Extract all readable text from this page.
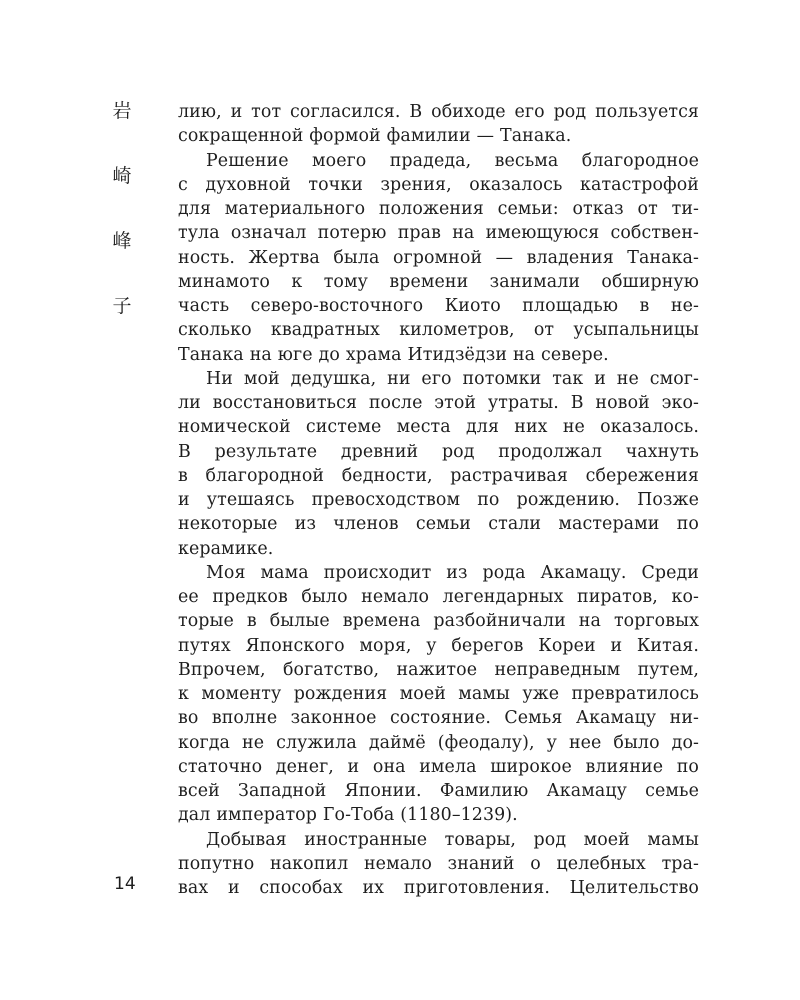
岩
崎
峰
子
14
лию, и тот согласился. В обиходе его род пользуется
сокращенной формой фамилии — Танака.
Решение моего прадеда, весьма благородное
с духовной точки зрения, оказалось катастрофой
для материального положения семьи: отказ от ти-
тула означал потерю прав на имеющуюся собствен-
ность. Жертва была огромной — владения Танака-
минамото к тому времени занимали обширную
часть северо-восточного Киото площадью в не-
сколько квадратных километров, от усыпальницы
Танака на юге до храма Итидзёдзи на севере.
Ни мой дедушка, ни его потомки так и не смог-
ли восстановиться после этой утраты. В новой эко-
номической системе места для них не оказалось.
В результате древний род продолжал чахнуть
в благородной бедности, растрачивая сбережения
и утешаясь превосходством по рождению. Позже
некоторые из членов семьи стали мастерами по
керамике.
Моя мама происходит из рода Акамацу. Среди
ее предков было немало легендарных пиратов, ко-
торые в былые времена разбойничали на торговых
путях Японского моря, у берегов Кореи и Китая.
Впрочем, богатство, нажитое неправедным путем,
к моменту рождения моей мамы уже превратилось
во вполне законное состояние. Семья Акамацу ни-
когда не служила даймё (феодалу), у нее было до-
статочно денег, и она имела широкое влияние по
всей Западной Японии. Фамилию Акамацу семье
дал император Го-Тоба (1180–1239).
Добывая иностранные товары, род моей мамы
попутно накопил немало знаний о целебных тра-
вах и способах их приготовления. Целительство
